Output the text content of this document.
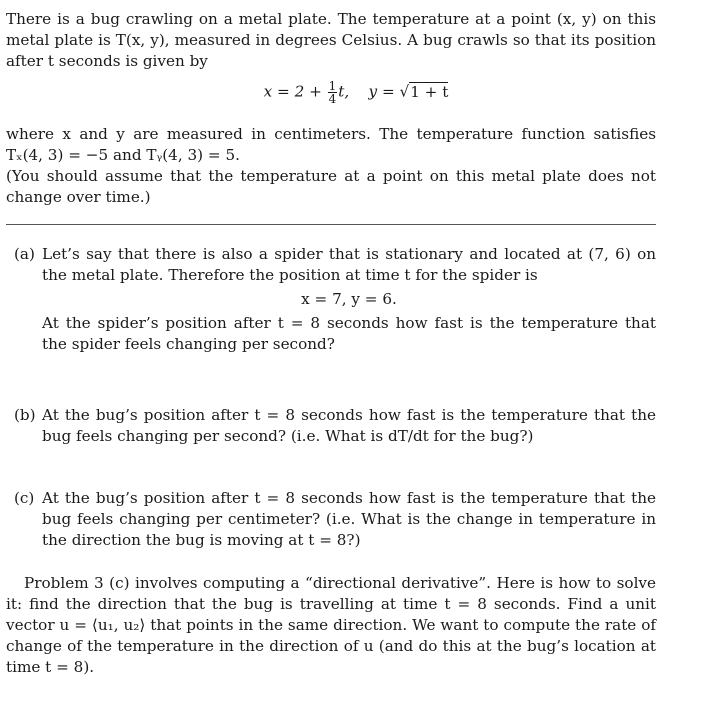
There is a bug crawling on a metal plate. The temperature at a point (x, y) on this metal plate is T(x, y), measured in degrees Celsius. A bug crawls so that its position after t seconds is given by
$x = 2 + \frac{1}{4} t$, y = √1 + t
where x and y are measured in centimeters. The temperature function satisfies Tₓ(4, 3) = −5 and Tᵧ(4, 3) = 5.
(You should assume that the temperature at a point on this metal plate does not change over time.)
(a) Let’s say that there is also a spider that is stationary and located at (7, 6) on the metal plate. Therefore the position at time t for the spider is
x = 7, y = 6.
At the spider’s position after t = 8 seconds how fast is the temperature that the spider feels changing per second?
(b) At the bug’s position after t = 8 seconds how fast is the temperature that the bug feels changing per second? (i.e. What is dT/dt for the bug?)
(c) At the bug’s position after t = 8 seconds how fast is the temperature that the bug feels changing per centimeter? (i.e. What is the change in temperature in the direction the bug is moving at t = 8?)
Problem 3 (c) involves computing a “directional derivative”. Here is how to solve it: find the direction that the bug is travelling at time t = 8 seconds. Find a unit vector u = ⟨u₁, u₂⟩ that points in the same direction. We want to compute the rate of change of the temperature in the direction of u (and do this at the bug’s location at time t = 8).
